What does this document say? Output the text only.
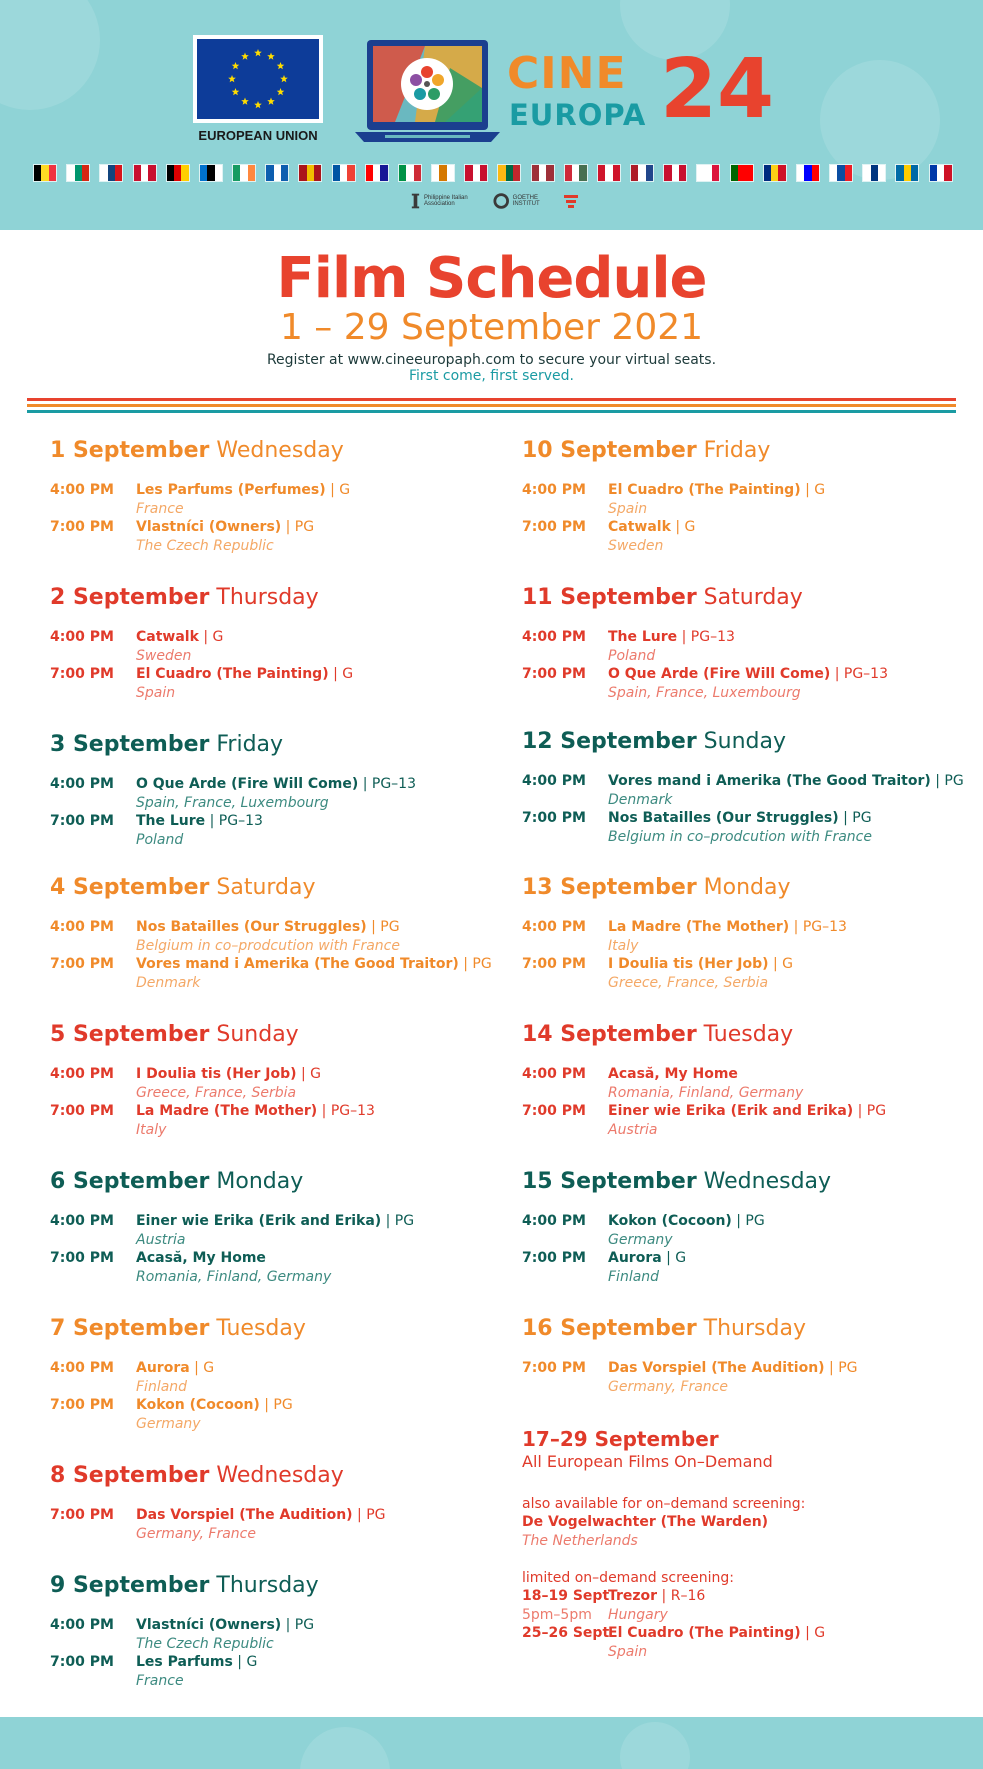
EUROPEAN UNION
CINE
EUROPA 24
Philippine Italian Association
GOETHE INSTITUT
Film Schedule
1 – 29 September 2021
Register at www.cineeuropaph.com to secure your virtual seats.
First come, first served.
1 September Wednesday
4:00 PM Les Parfums (Perfumes) | G
France
7:00 PM Vlastníci (Owners) | PG
The Czech Republic
2 September Thursday
4:00 PM Catwalk | G
Sweden
7:00 PM El Cuadro (The Painting) | G
Spain
3 September Friday
4:00 PM O Que Arde (Fire Will Come) | PG–13
Spain, France, Luxembourg
7:00 PM The Lure | PG–13
Poland
4 September Saturday
4:00 PM Nos Batailles (Our Struggles) | PG
Belgium in co–prodcution with France
7:00 PM Vores mand i Amerika (The Good Traitor) | PG
Denmark
5 September Sunday
4:00 PM I Doulia tis (Her Job) | G
Greece, France, Serbia
7:00 PM La Madre (The Mother) | PG–13
Italy
6 September Monday
4:00 PM Einer wie Erika (Erik and Erika) | PG
Austria
7:00 PM Acasă, My Home
Romania, Finland, Germany
7 September Tuesday
4:00 PM Aurora | G
Finland
7:00 PM Kokon (Cocoon) | PG
Germany
8 September Wednesday
7:00 PM Das Vorspiel (The Audition) | PG
Germany, France
9 September Thursday
4:00 PM Vlastníci (Owners) | PG
The Czech Republic
7:00 PM Les Parfums | G
France
10 September Friday
4:00 PM El Cuadro (The Painting) | G
Spain
7:00 PM Catwalk | G
Sweden
11 September Saturday
4:00 PM The Lure | PG–13
Poland
7:00 PM O Que Arde (Fire Will Come) | PG–13
Spain, France, Luxembourg
12 September Sunday
4:00 PM Vores mand i Amerika (The Good Traitor) | PG
Denmark
7:00 PM Nos Batailles (Our Struggles) | PG
Belgium in co–prodcution with France
13 September Monday
4:00 PM La Madre (The Mother) | PG–13
Italy
7:00 PM I Doulia tis (Her Job) | G
Greece, France, Serbia
14 September Tuesday
4:00 PM Acasă, My Home
Romania, Finland, Germany
7:00 PM Einer wie Erika (Erik and Erika) | PG
Austria
15 September Wednesday
4:00 PM Kokon (Cocoon) | PG
Germany
7:00 PM Aurora | G
Finland
16 September Thursday
7:00 PM Das Vorspiel (The Audition) | PG
Germany, France
17–29 September
All European Films On–Demand
also available for on–demand screening:
De Vogelwachter (The Warden)
The Netherlands
limited on–demand screening:
18–19 Sept
5pm–5pm
Trezor | R–16
Hungary
25–26 Sept
El Cuadro (The Painting) | G
Spain
